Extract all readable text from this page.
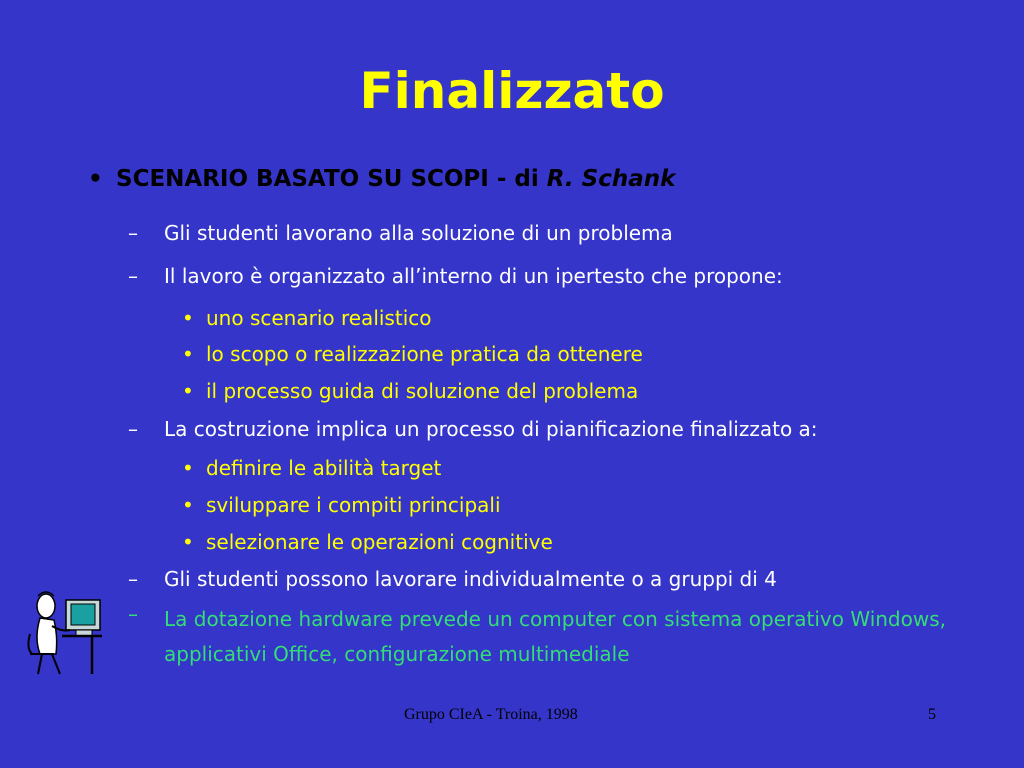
Finalizzato
• SCENARIO BASATO SU SCOPI - di R. Schank
– Gli studenti lavorano alla soluzione di un problema
– Il lavoro è organizzato all’interno di un ipertesto che propone:
• uno scenario realistico
• lo scopo o realizzazione pratica da ottenere
• il processo guida di soluzione del problema
– La costruzione implica un processo di pianificazione finalizzato a:
• definire le abilità target
• sviluppare i compiti principali
• selezionare le operazioni cognitive
– Gli studenti possono lavorare individualmente o a gruppi di 4
– La dotazione hardware prevede un computer con sistema operativo Windows, applicativi Office, configurazione multimediale
Grupo CIeA - Troina, 1998	5
